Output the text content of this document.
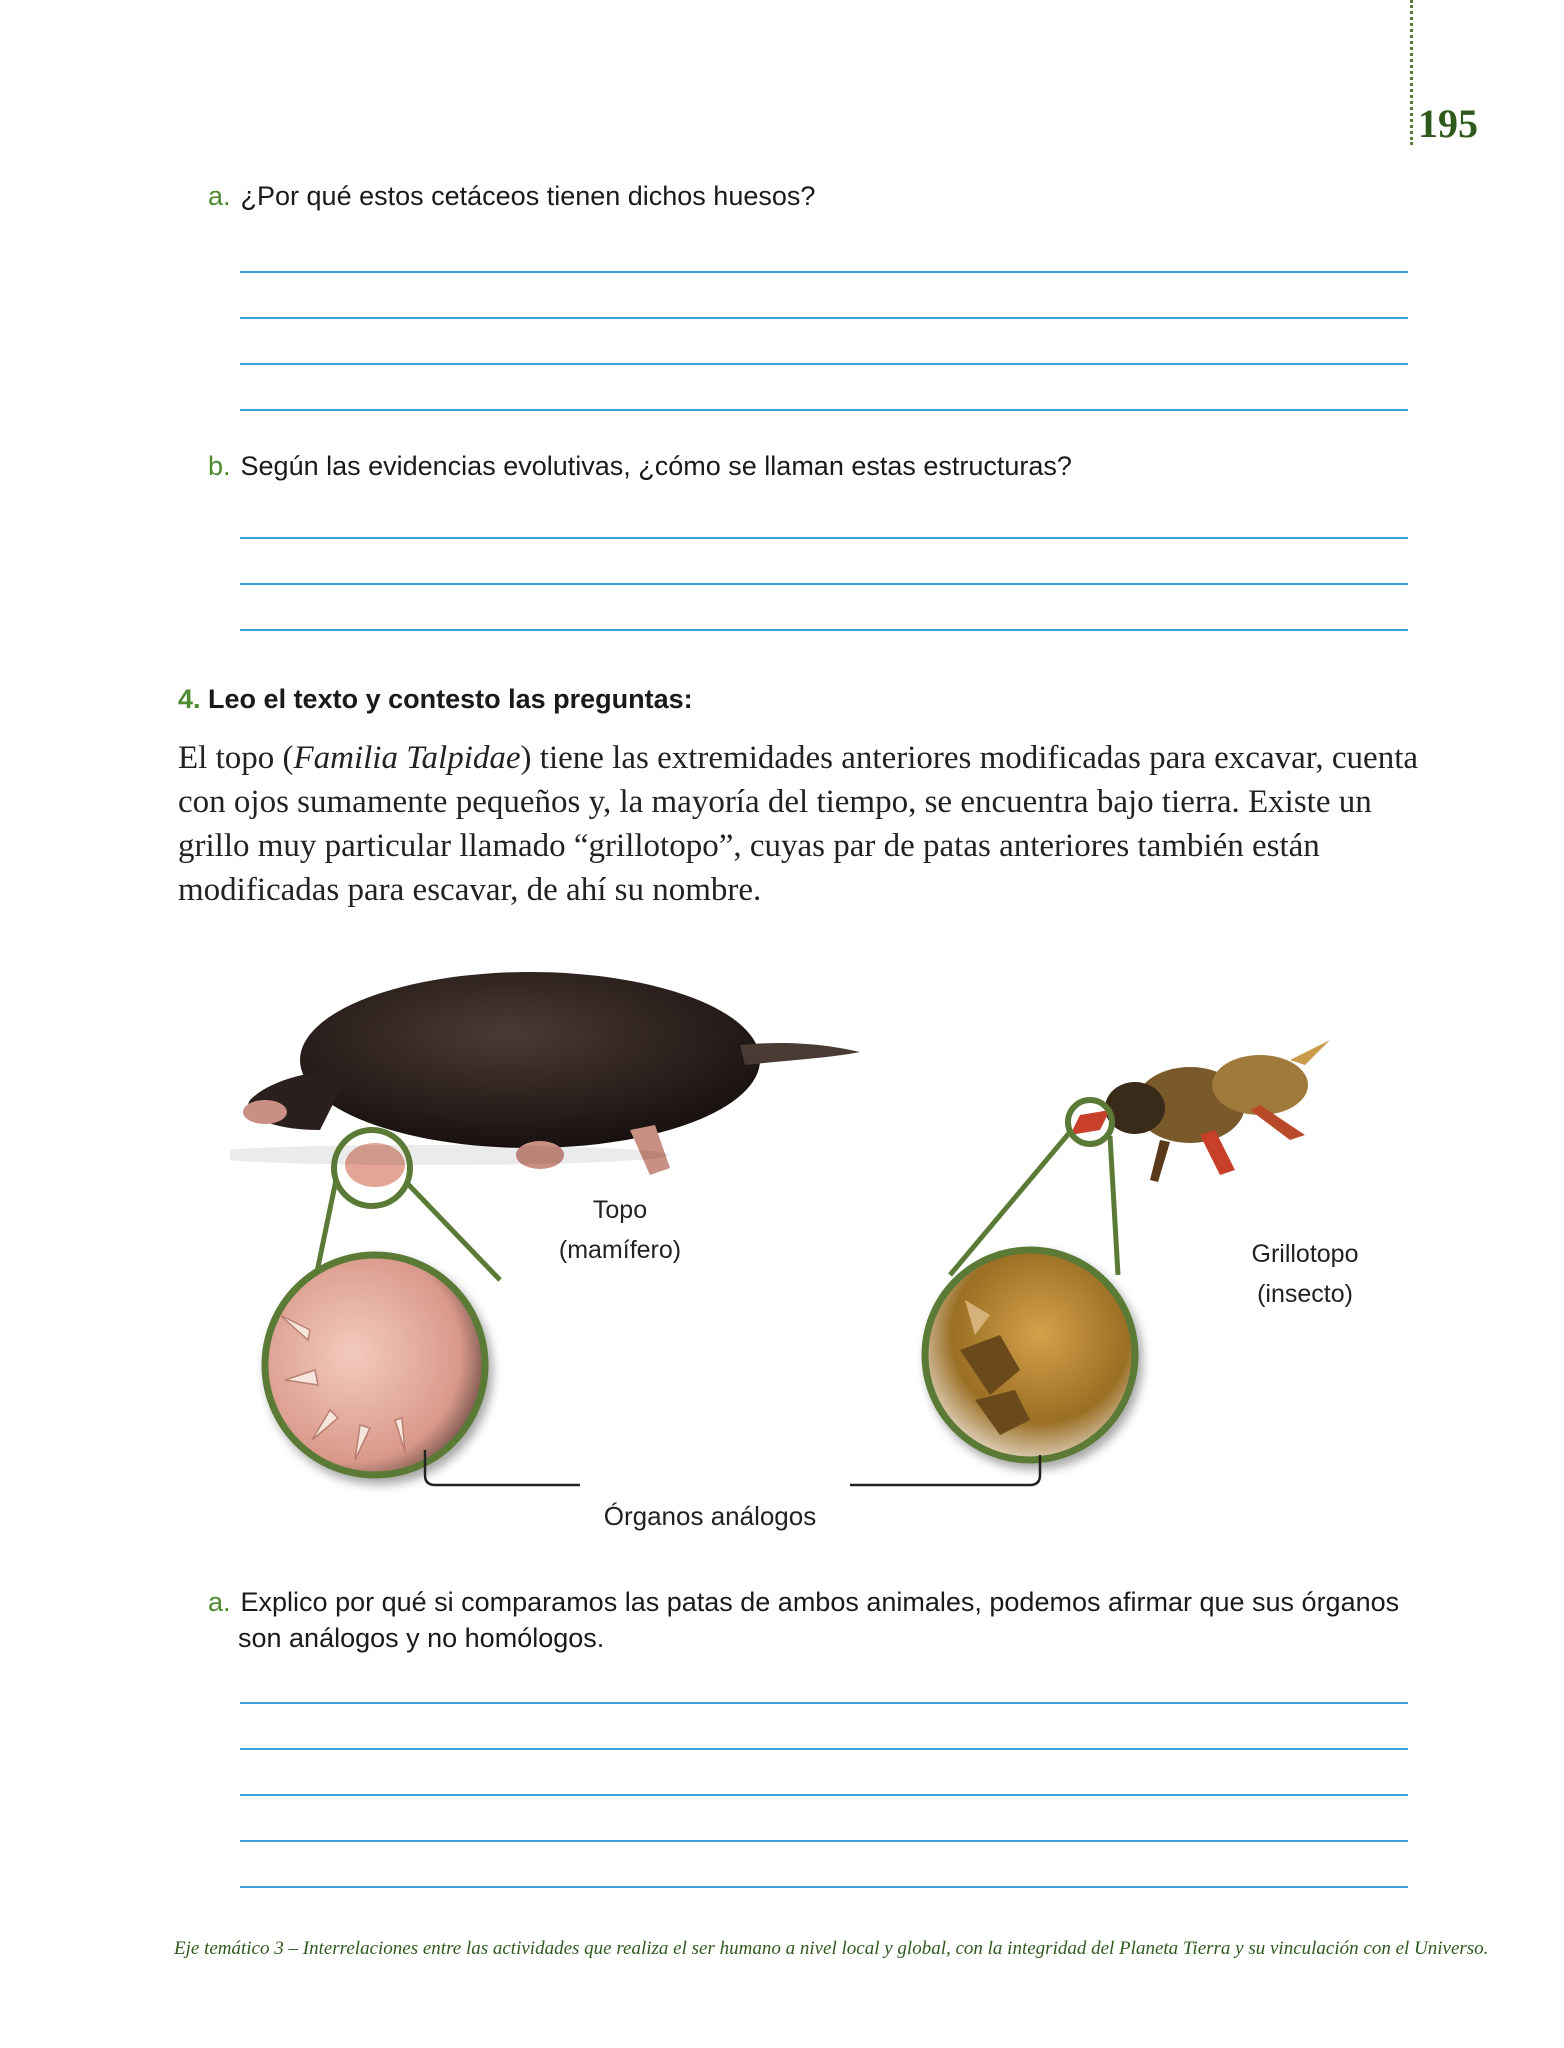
195
a. ¿Por qué estos cetáceos tienen dichos huesos?
b. Según las evidencias evolutivas, ¿cómo se llaman estas estructuras?
4. Leo el texto y contesto las preguntas:
El topo (Familia Talpidae) tiene las extremidades anteriores modificadas para excavar, cuenta con ojos sumamente pequeños y, la mayoría del tiempo, se encuentra bajo tierra. Existe un grillo muy particular llamado “grillotopo”, cuyas par de patas anteriores también están modificadas para escavar, de ahí su nombre.
Topo
(mamífero)	Grillotopo
(insecto)
Órganos análogos
a. Explico por qué si comparamos las patas de ambos animales, podemos afirmar que sus órganos
son análogos y no homólogos.
Eje temático 3 – Interrelaciones entre las actividades que realiza el ser humano a nivel local y global, con la integridad del Planeta Tierra y su vinculación con el Universo.
